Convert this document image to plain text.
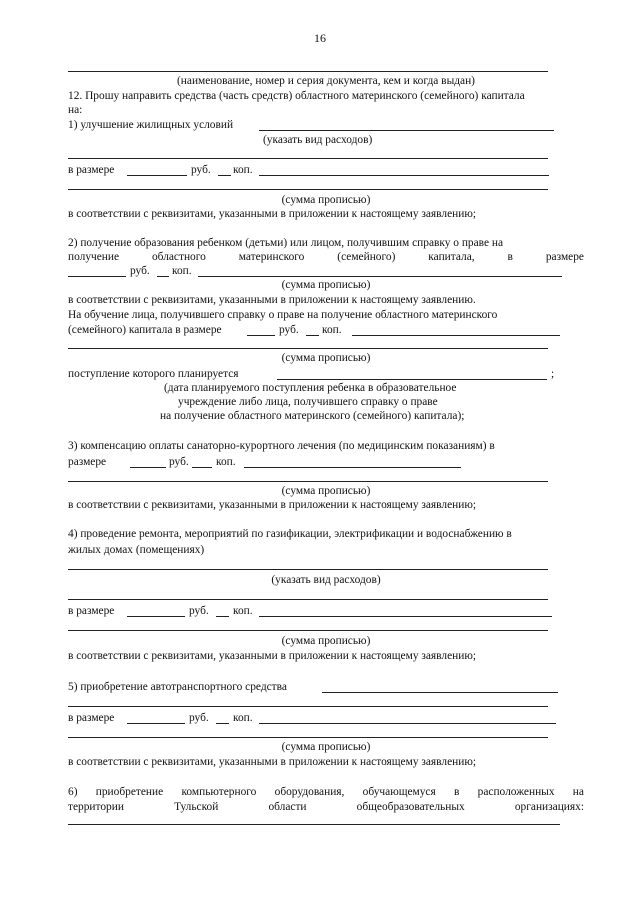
16
(наименование, номер и серия документа, кем и когда выдан)
12. Прошу направить средства (часть средств) областного материнского (семейного) капитала
на:
1) улучшение жилищных условий
(указать вид расходов)
в размере	руб. коп.
(сумма прописью)
в соответствии с реквизитами, указанными в приложении к настоящему заявлению;
2) получение образования ребенком (детьми) или лицом, получившим справку о праве на
получение	областного	материнского	(семейного)	капитала,	в	размере
руб. коп.
(сумма прописью)
в соответствии с реквизитами, указанными в приложении к настоящему заявлению.
На обучение лица, получившего справку о праве на получение областного материнского
(семейного) капитала в размере	руб. коп.
(сумма прописью)
поступление которого планируется	;
(дата планируемого поступления ребенка в образовательное
учреждение либо лица, получившего справку о праве
на получение областного материнского (семейного) капитала);
3) компенсацию оплаты санаторно-курортного лечения (по медицинским показаниям) в
размере	руб. коп.
(сумма прописью)
в соответствии с реквизитами, указанными в приложении к настоящему заявлению;
4) проведение ремонта, мероприятий по газификации, электрификации и водоснабжению в
жилых домах (помещениях)
(указать вид расходов)
в размере	руб. коп.
(сумма прописью)
в соответствии с реквизитами, указанными в приложении к настоящему заявлению;
5) приобретение автотранспортного средства
в размере	руб. коп.
(сумма прописью)
в соответствии с реквизитами, указанными в приложении к настоящему заявлению;
6) приобретение компьютерного оборудования, обучающемуся в расположенных на
территории	Тульской	области	общеобразовательных	организациях:
